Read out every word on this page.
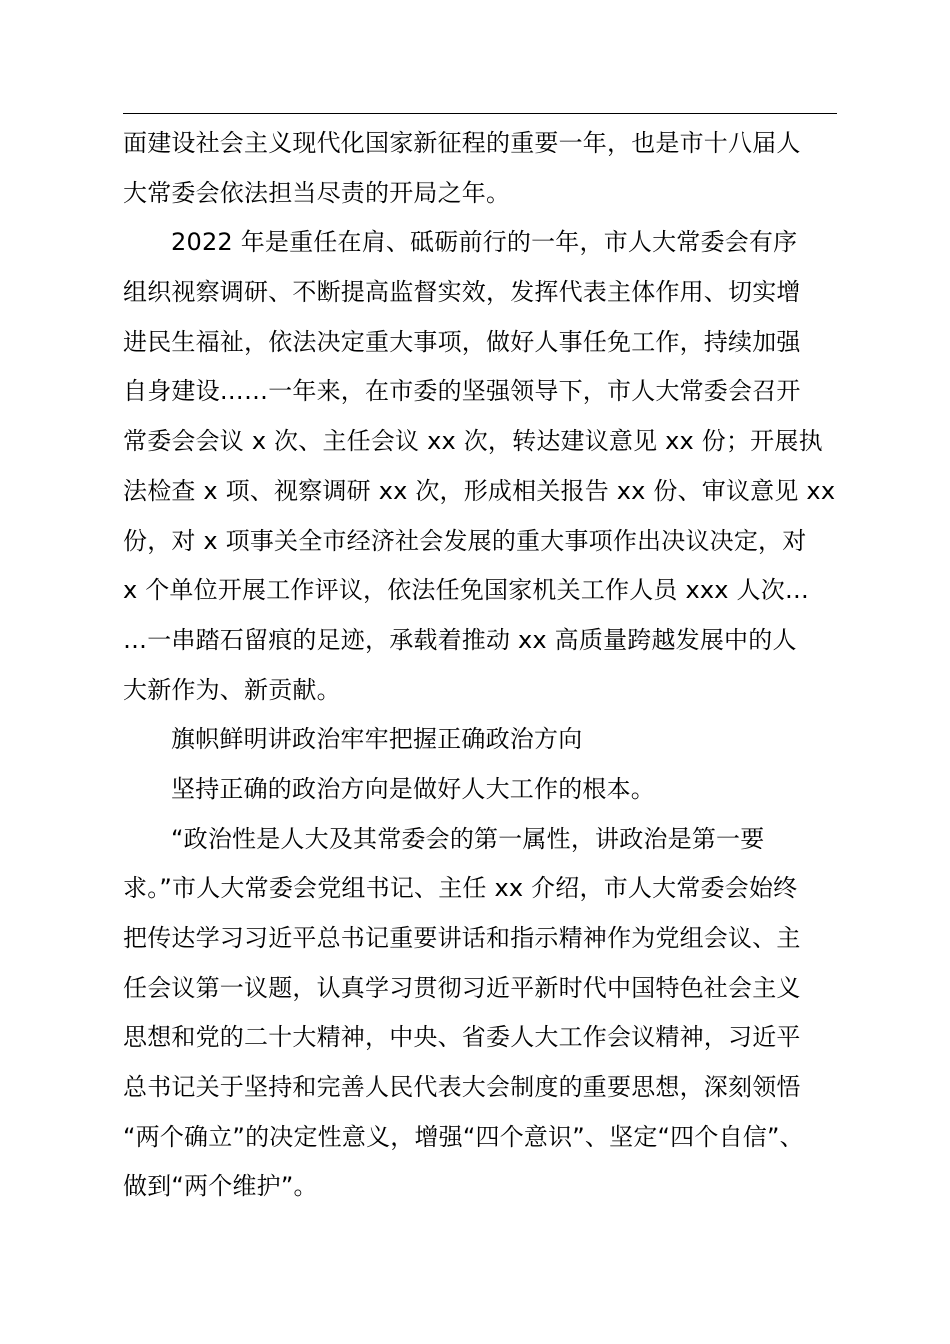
面建设社会主义现代化国家新征程的重要一年，也是市十八届人
大常委会依法担当尽责的开局之年。
2022 年是重任在肩、砥砺前行的一年，市人大常委会有序
组织视察调研、不断提高监督实效，发挥代表主体作用、切实增
进民生福祉，依法决定重大事项，做好人事任免工作，持续加强
自身建设……一年来，在市委的坚强领导下，市人大常委会召开
常委会会议 x 次、主任会议 xx 次，转达建议意见 xx 份；开展执
法检查 x 项、视察调研 xx 次，形成相关报告 xx 份、审议意见 xx
份，对 x 项事关全市经济社会发展的重大事项作出决议决定，对
x 个单位开展工作评议，依法任免国家机关工作人员 xxx 人次…
…一串踏石留痕的足迹，承载着推动 xx 高质量跨越发展中的人
大新作为、新贡献。
旗帜鲜明讲政治牢牢把握正确政治方向
坚持正确的政治方向是做好人大工作的根本。
“政治性是人大及其常委会的第一属性，讲政治是第一要
求。”市人大常委会党组书记、主任 xx 介绍，市人大常委会始终
把传达学习习近平总书记重要讲话和指示精神作为党组会议、主
任会议第一议题，认真学习贯彻习近平新时代中国特色社会主义
思想和党的二十大精神，中央、省委人大工作会议精神，习近平
总书记关于坚持和完善人民代表大会制度的重要思想，深刻领悟
“两个确立”的决定性意义，增强“四个意识”、坚定“四个自信”、
做到“两个维护”。
